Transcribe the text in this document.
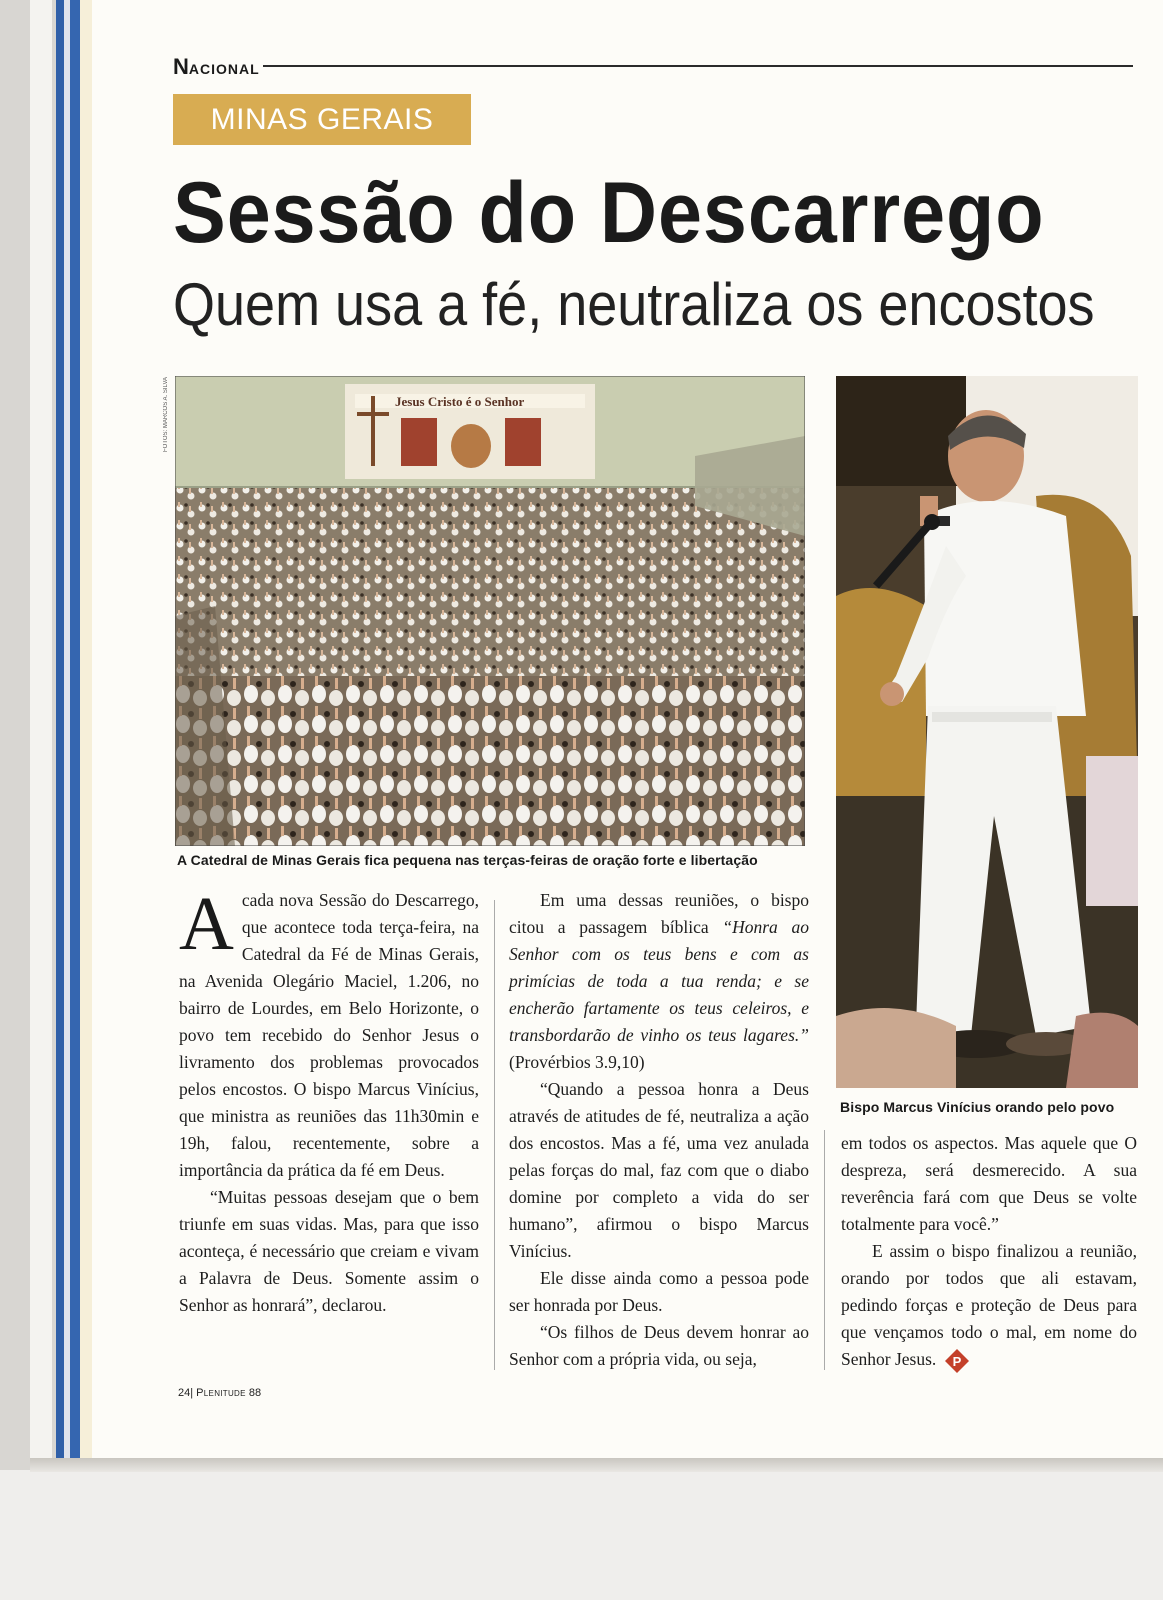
NACIONAL
MINAS GERAIS
Sessão do Descarrego
Quem usa a fé, neutraliza os encostos
FOTOS: MARCOS A. SILVA	Jesus Cristo é o Senhor
A Catedral de Minas Gerais fica pequena nas terças-feiras de oração forte e libertação
Bispo Marcus Vinícius orando pelo povo

Acada nova Sessão do Descarrego, que acontece toda terça-feira, na Catedral da Fé de Minas Gerais, na Avenida Olegário Maciel, 1.206, no bairro de Lourdes, em Belo Horizonte, o povo tem recebido do Senhor Jesus o livramento dos problemas provocados pelos encostos. O bispo Marcus Vinícius, que ministra as reuniões das 11h30min e 19h, falou, recentemente, sobre a importância da prática da fé em Deus.

“Muitas pessoas desejam que o bem triunfe em suas vidas. Mas, para que isso aconteça, é necessário que creiam e vivam a Palavra de Deus. Somente assim o Senhor as honrará”, declarou.

Em uma dessas reuniões, o bispo citou a passagem bíblica “Honra ao Senhor com os teus bens e com as primícias de toda a tua renda; e se encherão fartamente os teus celeiros, e transbordarão de vinho os teus lagares.” (Provérbios 3.9,10)

“Quando a pessoa honra a Deus através de atitudes de fé, neutraliza a ação dos encostos. Mas a fé, uma vez anulada pelas forças do mal, faz com que o diabo domine por completo a vida do ser humano”, afirmou o bispo Marcus Vinícius.

Ele disse ainda como a pessoa pode ser honrada por Deus.

“Os filhos de Deus devem honrar ao Senhor com a própria vida, ou seja,

em todos os aspectos. Mas aquele que O despreza, será desmerecido. A sua reverência fará com que Deus se volte totalmente para você.”

E assim o bispo finalizou a reunião, orando por todos que ali estavam, pedindo forças e proteção de Deus para que vençamos todo o mal, em nome do Senhor Jesus. P

24| Plenitude 88
